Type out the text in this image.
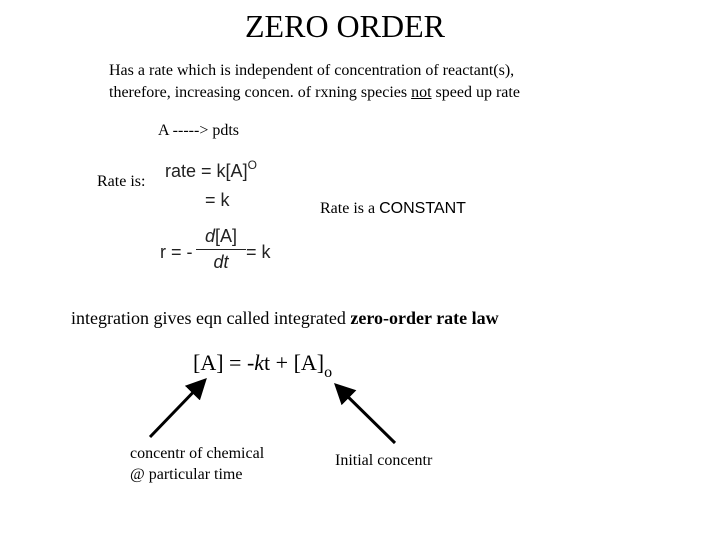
ZERO ORDER
Has a rate which is independent of concentration of reactant(s),
therefore, increasing concen. of rxning species not speed up rate
A -----> pdts
Rate is:
rate = $k[A]^O$
= k	Rate is a CONSTANT
r = - $\frac{d[A]}{dt} = k$
integration gives eqn called integrated zero-order rate law
$[A] = -kt + [A]_o$
concentr of chemical
@ particular time
Initial concentr
